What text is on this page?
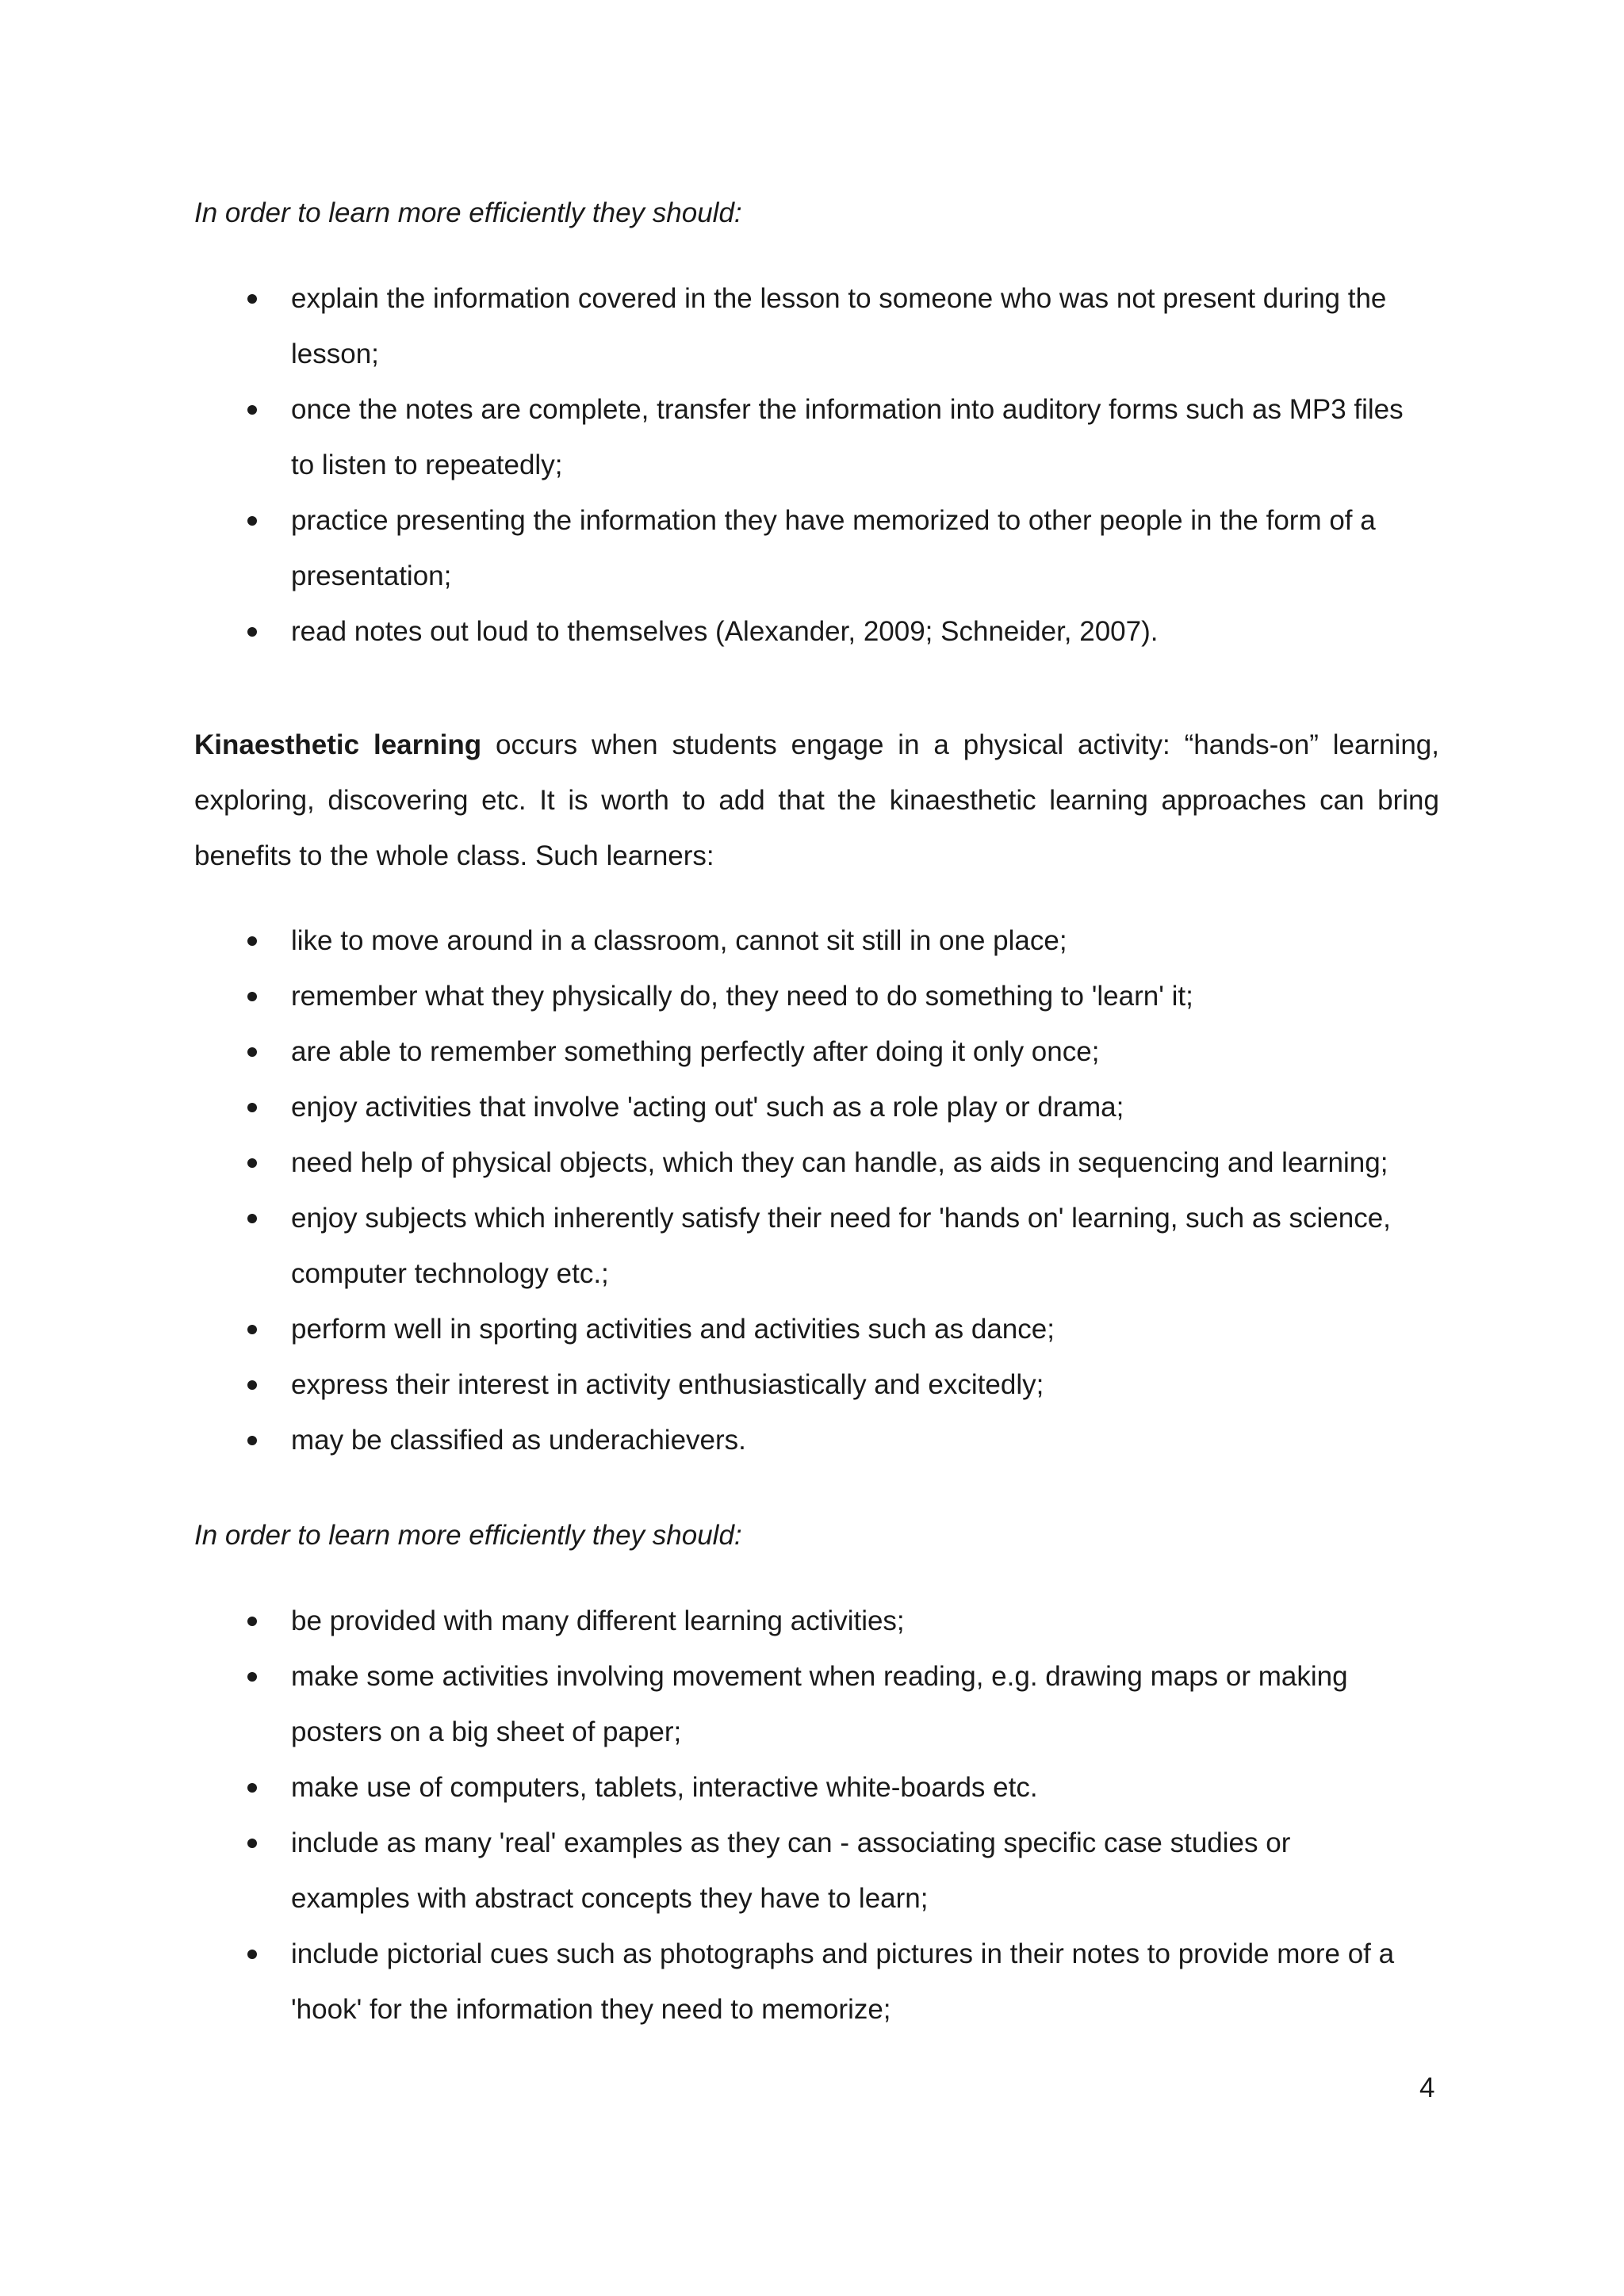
In order to learn more efficiently they should:

explain the information covered in the lesson to someone who was not present during the lesson;
once the notes are complete, transfer the information into auditory forms such as MP3 files to listen to repeatedly;
practice presenting the information they have memorized to other people in the form of a presentation;
read notes out loud to themselves (Alexander, 2009; Schneider, 2007).

Kinaesthetic learning occurs when students engage in a physical activity: “hands-on” learning, exploring, discovering etc. It is worth to add that the kinaesthetic learning approaches can bring benefits to the whole class. Such learners:

like to move around in a classroom, cannot sit still in one place;
remember what they physically do, they need to do something to 'learn' it;
are able to remember something perfectly after doing it only once;
enjoy activities that involve 'acting out' such as a role play or drama;
need help of physical objects, which they can handle, as aids in sequencing and learning;
enjoy subjects which inherently satisfy their need for 'hands on' learning, such as science, computer technology etc.;
perform well in sporting activities and activities such as dance;
express their interest in activity enthusiastically and excitedly;
may be classified as underachievers.

In order to learn more efficiently they should:

be provided with many different learning activities;
make some activities involving movement when reading, e.g. drawing maps or making posters on a big sheet of paper;
make use of computers, tablets, interactive white-boards etc.
include as many 'real' examples as they can - associating specific case studies or examples with abstract concepts they have to learn;
include pictorial cues such as photographs and pictures in their notes to provide more of a 'hook' for the information they need to memorize;
4
